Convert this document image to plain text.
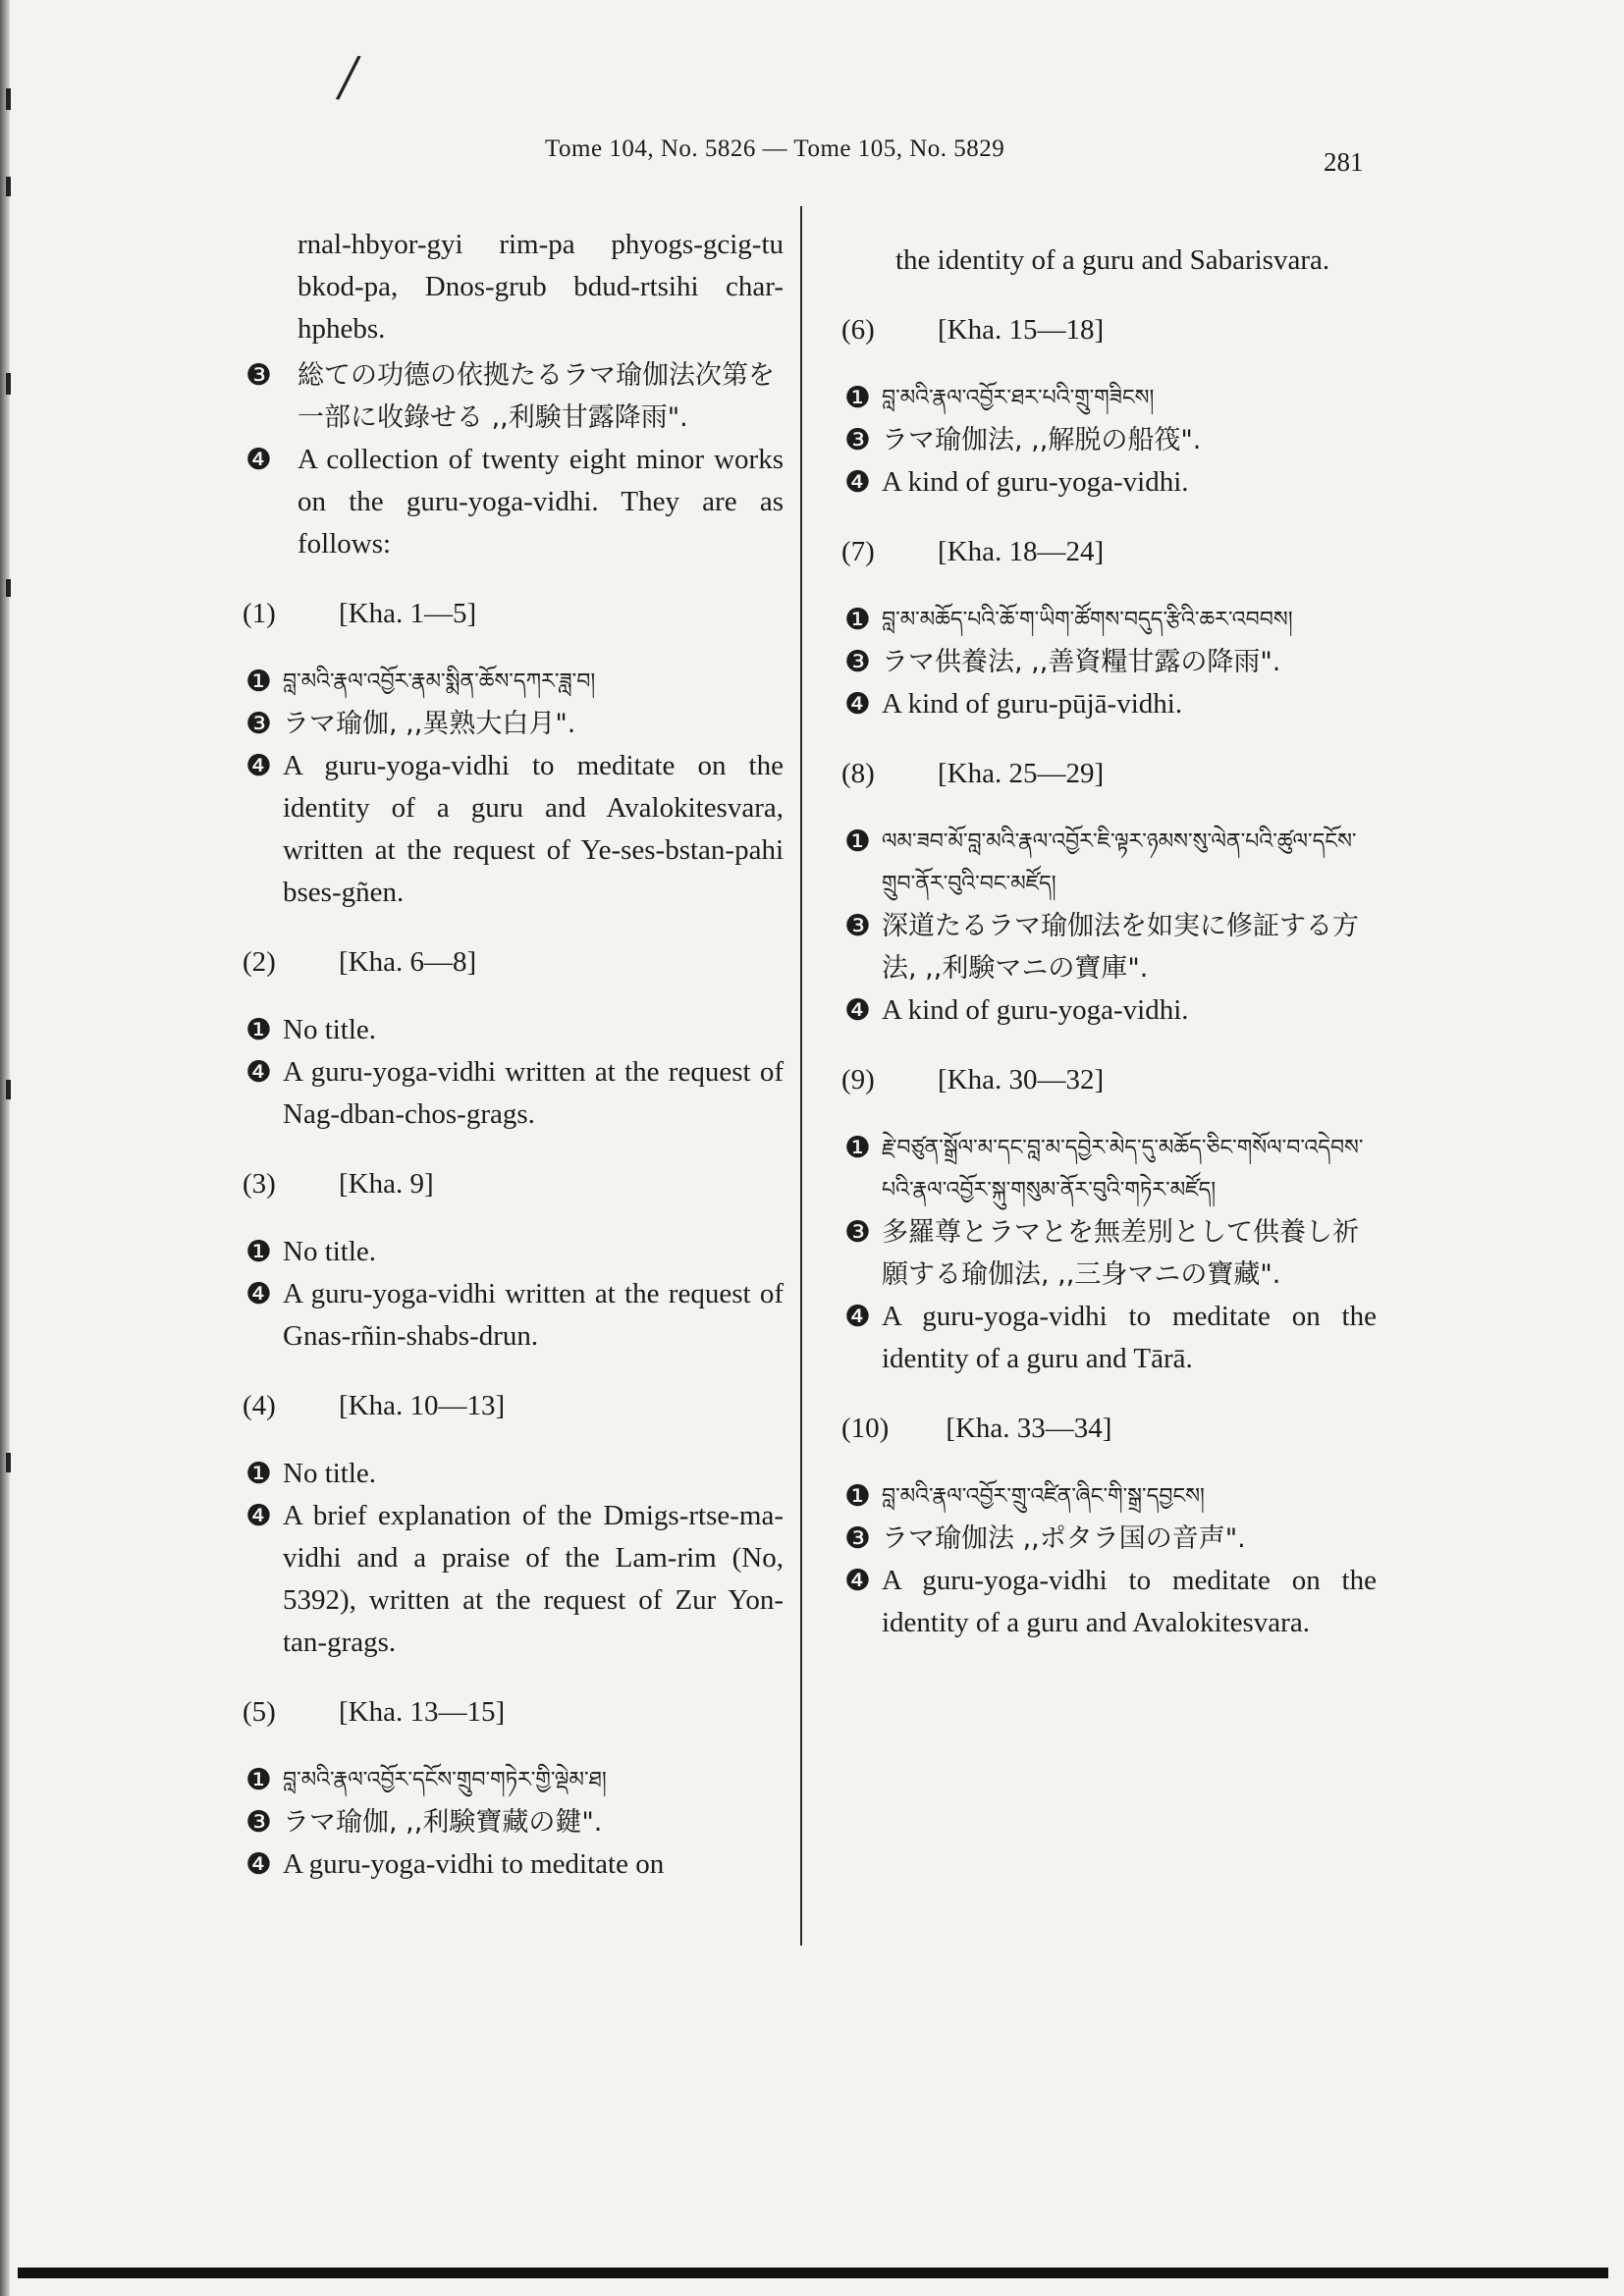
/
Tome 104, No. 5826 — Tome 105, No. 5829	281
rnal-hbyor-gyi rim-pa phyogs-gcig-tu bkod-pa, Dnos-grub bdud-rtsihi char-hphebs.
❸ 総ての功德の依拠たるラマ瑜伽法次第を一部に收錄せる ,,利験甘露降雨".
❹ A collection of twenty eight minor works on the guru-yoga-vidhi. They are as follows:
(1) [Kha. 1—5]
❶ བླ་མའི་རྣལ་འབྱོར་རྣམ་སྨིན་ཆོས་དཀར་ཟླ་བ།
❸ ラマ瑜伽, ,,異熟大白月".
❹ A guru-yoga-vidhi to meditate on the identity of a guru and Avalokitesvara, written at the request of Ye-ses-bstan-pahi bses-gñen.
(2) [Kha. 6—8]
❶ No title.
❹ A guru-yoga-vidhi written at the request of Nag-dban-chos-grags.
(3) [Kha. 9]
❶ No title.
❹ A guru-yoga-vidhi written at the request of Gnas-rñin-shabs-drun.
(4) [Kha. 10—13]
❶ No title.
❹ A brief explanation of the Dmigs-rtse-ma-vidhi and a praise of the Lam-rim (No, 5392), written at the request of Zur Yon-tan-grags.
(5) [Kha. 13—15]
❶ བླ་མའི་རྣལ་འབྱོར་དངོས་གྲུབ་གཏེར་གྱི་ལྡེམ་ཐ།
❸ ラマ瑜伽, ,,利験寶藏の鍵".
❹ A guru-yoga-vidhi to meditate on
the identity of a guru and Sabarisvara.
(6) [Kha. 15—18]
❶ བླ་མའི་རྣལ་འབྱོར་ཐར་པའི་གྲུ་གཟིངས།
❸ ラマ瑜伽法, ,,解脱の船筏".
❹ A kind of guru-yoga-vidhi.
(7) [Kha. 18—24]
❶ བླ་མ་མཆོད་པའི་ཆོ་ག་ཡིག་ཚོགས་བདུད་རྩིའི་ཆར་འབབས།
❸ ラマ供養法, ,,善資糧甘露の降雨".
❹ A kind of guru-pūjā-vidhi.
(8) [Kha. 25—29]
❶ ལམ་ཟབ་མོ་བླ་མའི་རྣལ་འབྱོར་ཇི་ལྟར་ཉམས་སུ་ལེན་པའི་ཚུལ་དངོས་གྲུབ་ནོར་བུའི་བང་མཛོད།
❸ 深道たるラマ瑜伽法を如実に修証する方法, ,,利験マニの寶庫".
❹ A kind of guru-yoga-vidhi.
(9) [Kha. 30—32]
❶ རྗེ་བཙུན་སྒྲོལ་མ་དང་བླ་མ་དབྱེར་མེད་དུ་མཆོད་ཅིང་གསོལ་བ་འདེབས་པའི་རྣལ་འབྱོར་སྐུ་གསུམ་ནོར་བུའི་གཏེར་མཛོད།
❸ 多羅尊とラマとを無差別として供養し祈願する瑜伽法, ,,三身マニの寶藏".
❹ A guru-yoga-vidhi to meditate on the identity of a guru and Tārā.
(10) [Kha. 33—34]
❶ བླ་མའི་རྣལ་འབྱོར་གྲུ་འཛིན་ཞིང་གི་སྒྲ་དབྱངས།
❸ ラマ瑜伽法 ,,ポタラ国の音声".
❹ A guru-yoga-vidhi to meditate on the identity of a guru and Avalokitesvara.
